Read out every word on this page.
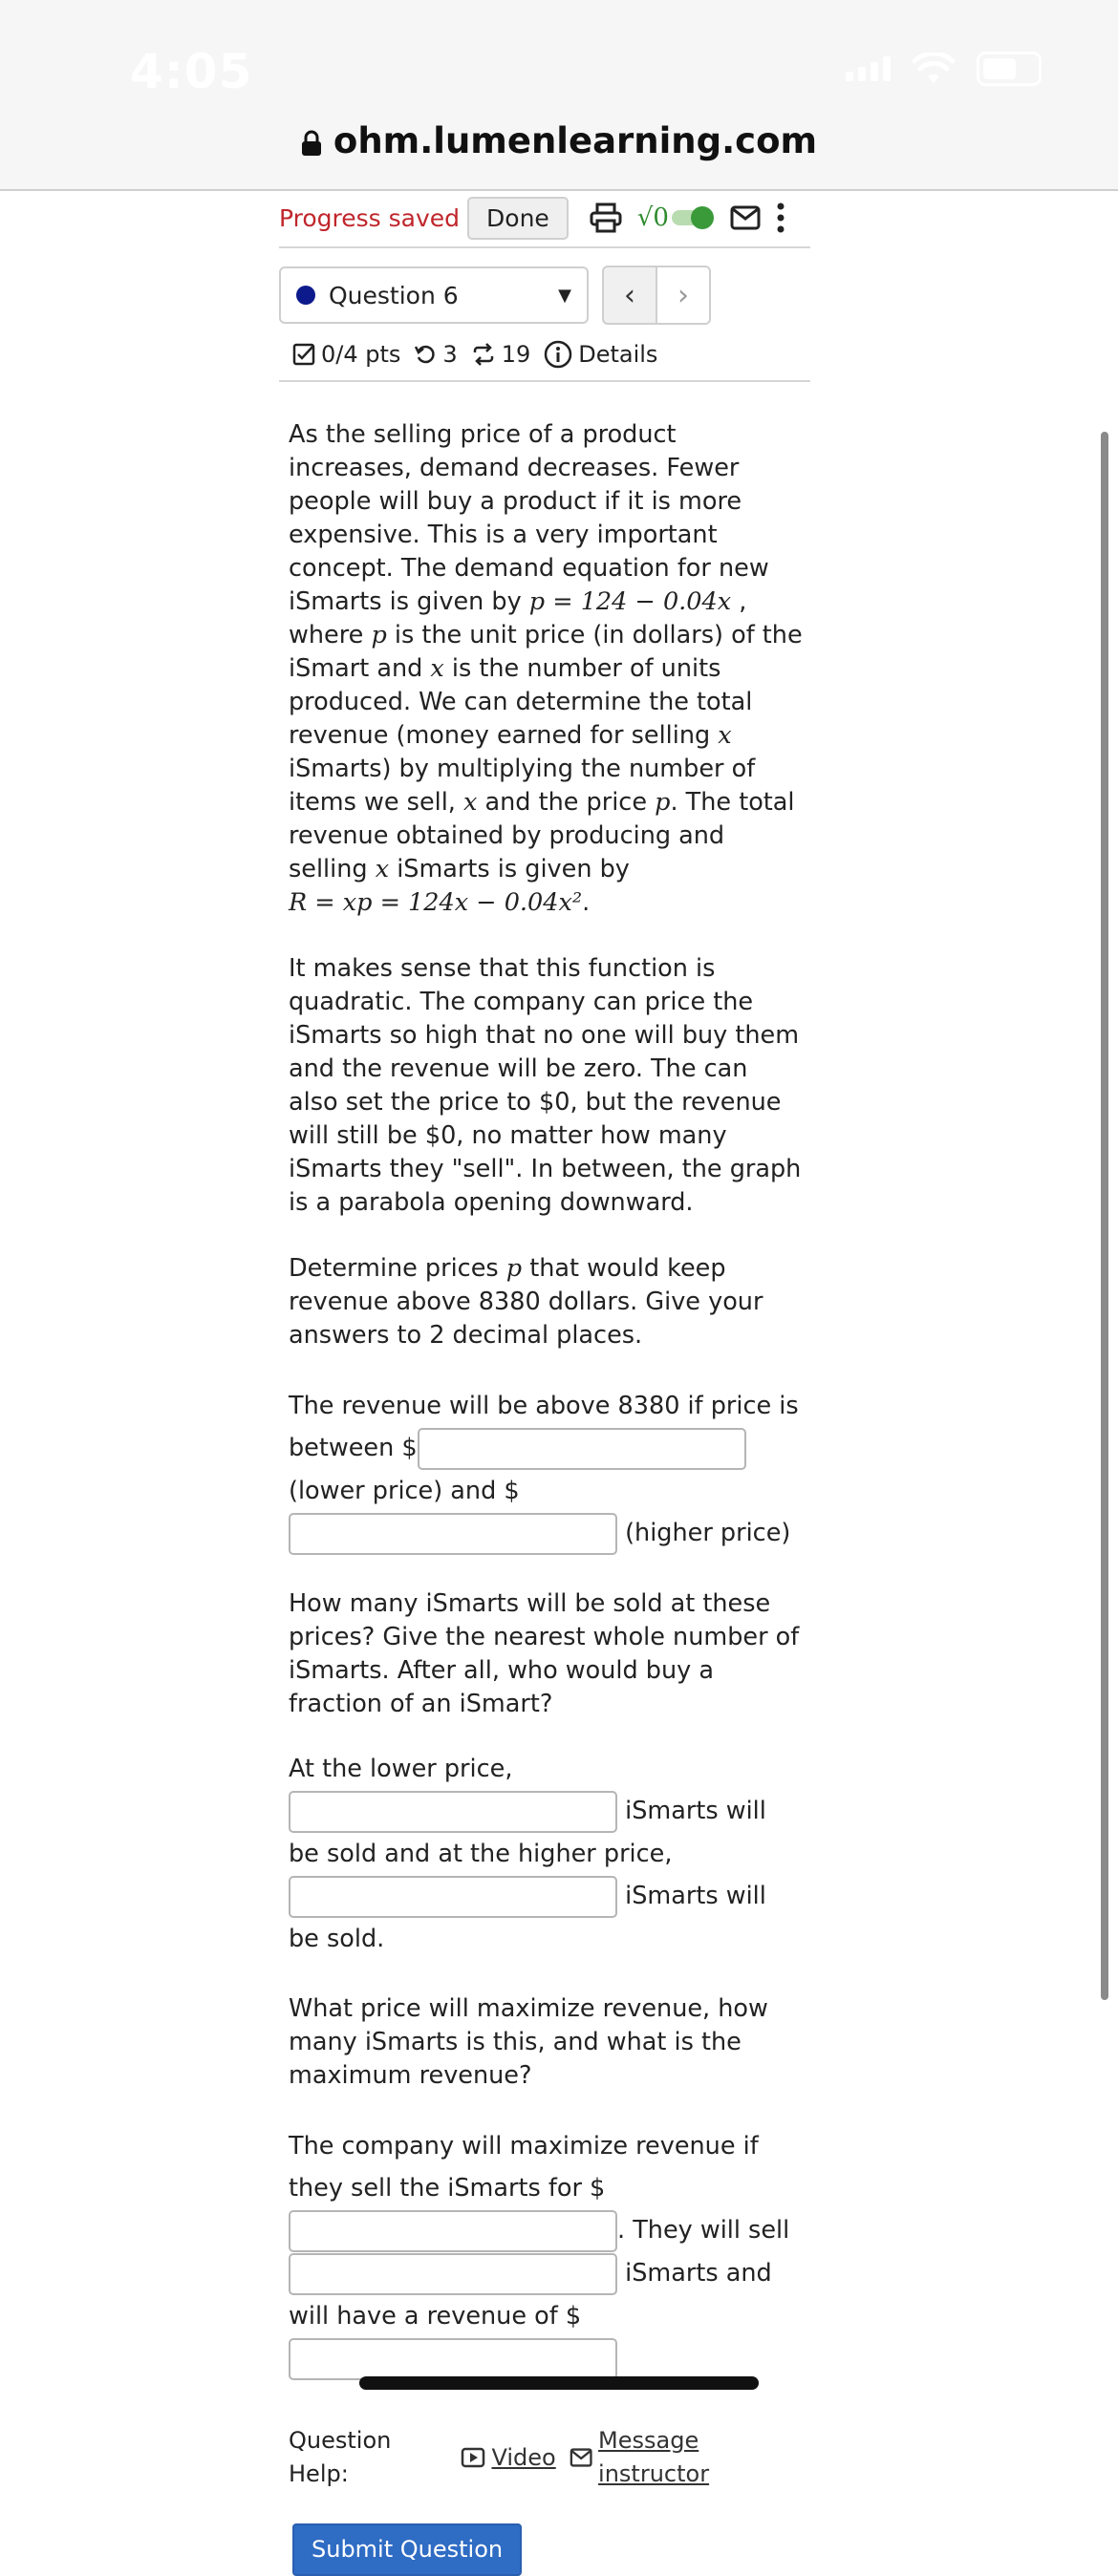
4:05
ohm.lumenlearning.com
Progress saved	Done	√0
Question 6	▼	‹	›
0/4 pts 3 19 Details

As the selling price of a product increases, demand decreases. Fewer people will buy a product if it is more expensive. This is a very important concept. The demand equation for new iSmarts is given by p = 124 − 0.04x , where p is the unit price (in dollars) of the iSmart and x is the number of units produced. We can determine the total revenue (money earned for selling x iSmarts) by multiplying the number of items we sell, x and the price p. The total revenue obtained by producing and selling x iSmarts is given by
R = xp = 124x − 0.04x².

It makes sense that this function is quadratic. The company can price the iSmarts so high that no one will buy them and the revenue will be zero. The can also set the price to $0, but the revenue will still be $0, no matter how many iSmarts they "sell". In between, the graph is a parabola opening downward.

Determine prices p that would keep revenue above 8380 dollars. Give your answers to 2 decimal places.

The revenue will be above 8380 if price is between $ (lower price) and $
(higher price)

How many iSmarts will be sold at these prices? Give the nearest whole number of iSmarts. After all, who would buy a fraction of an iSmart?

At the lower price,
iSmarts will be sold and at the higher price,
iSmarts will be sold.

What price will maximize revenue, how many iSmarts is this, and what is the maximum revenue?

The company will maximize revenue if they sell the iSmarts for $
. They will sell
iSmarts and will have a revenue of $

Question Help:
Video
Message instructor
Submit Question
